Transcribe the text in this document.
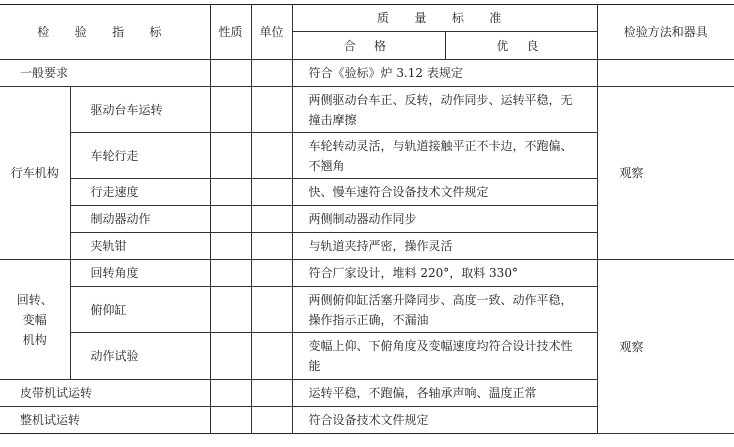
检 验 指 标		性质	单位	质 量 标 准		检验方法和器具
				合 格	优 良	
一般要求				符合《验标》炉 3.12 表规定		
行车机构	驱动台车运转			两侧驱动台车正、反转，动作同步、运转平稳，无撞击摩擦		观察
	车轮行走			车轮转动灵活，与轨道接触平正不卡边，不跑偏、不翘角		
	行走速度			快、慢车速符合设备技术文件规定		
	制动器动作			两侧制动器动作同步		
	夹轨钳			与轨道夹持严密，操作灵活		

回转、
变幅
机构	回转角度			符合厂家设计，堆料 220°，取料 330°		观察
	俯仰缸			两侧俯仰缸活塞升降同步、高度一致、动作平稳，操作指示正确，不漏油		
	动作试验			变幅上仰、下俯角度及变幅速度均符合设计技术性能		
皮带机试运转				运转平稳，不跑偏，各轴承声响、温度正常		
整机试运转				符合设备技术文件规定		
